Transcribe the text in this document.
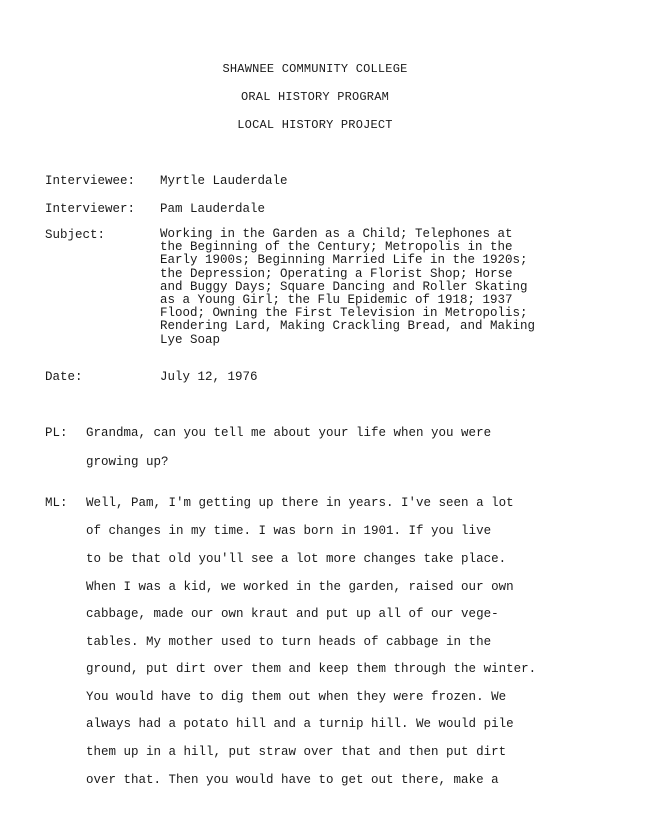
SHAWNEE COMMUNITY COLLEGE
ORAL HISTORY PROGRAM
LOCAL HISTORY PROJECT
Interviewee: Myrtle Lauderdale
Interviewer: Pam Lauderdale
Subject:	Working in the Garden as a Child; Telephones at
the Beginning of the Century; Metropolis in the
Early 1900s; Beginning Married Life in the 1920s;
the Depression; Operating a Florist Shop; Horse
and Buggy Days; Square Dancing and Roller Skating
as a Young Girl; the Flu Epidemic of 1918; 1937
Flood; Owning the First Television in Metropolis;
Rendering Lard, Making Crackling Bread, and Making
Lye Soap
Date:	July 12, 1976
PL: Grandma, can you tell me about your life when you were
growing up?
ML: Well, Pam, I'm getting up there in years. I've seen a lot
of changes in my time. I was born in 1901. If you live
to be that old you'll see a lot more changes take place.
When I was a kid, we worked in the garden, raised our own
cabbage, made our own kraut and put up all of our vege-
tables. My mother used to turn heads of cabbage in the
ground, put dirt over them and keep them through the winter.
You would have to dig them out when they were frozen. We
always had a potato hill and a turnip hill. We would pile
them up in a hill, put straw over that and then put dirt
over that. Then you would have to get out there, make a
